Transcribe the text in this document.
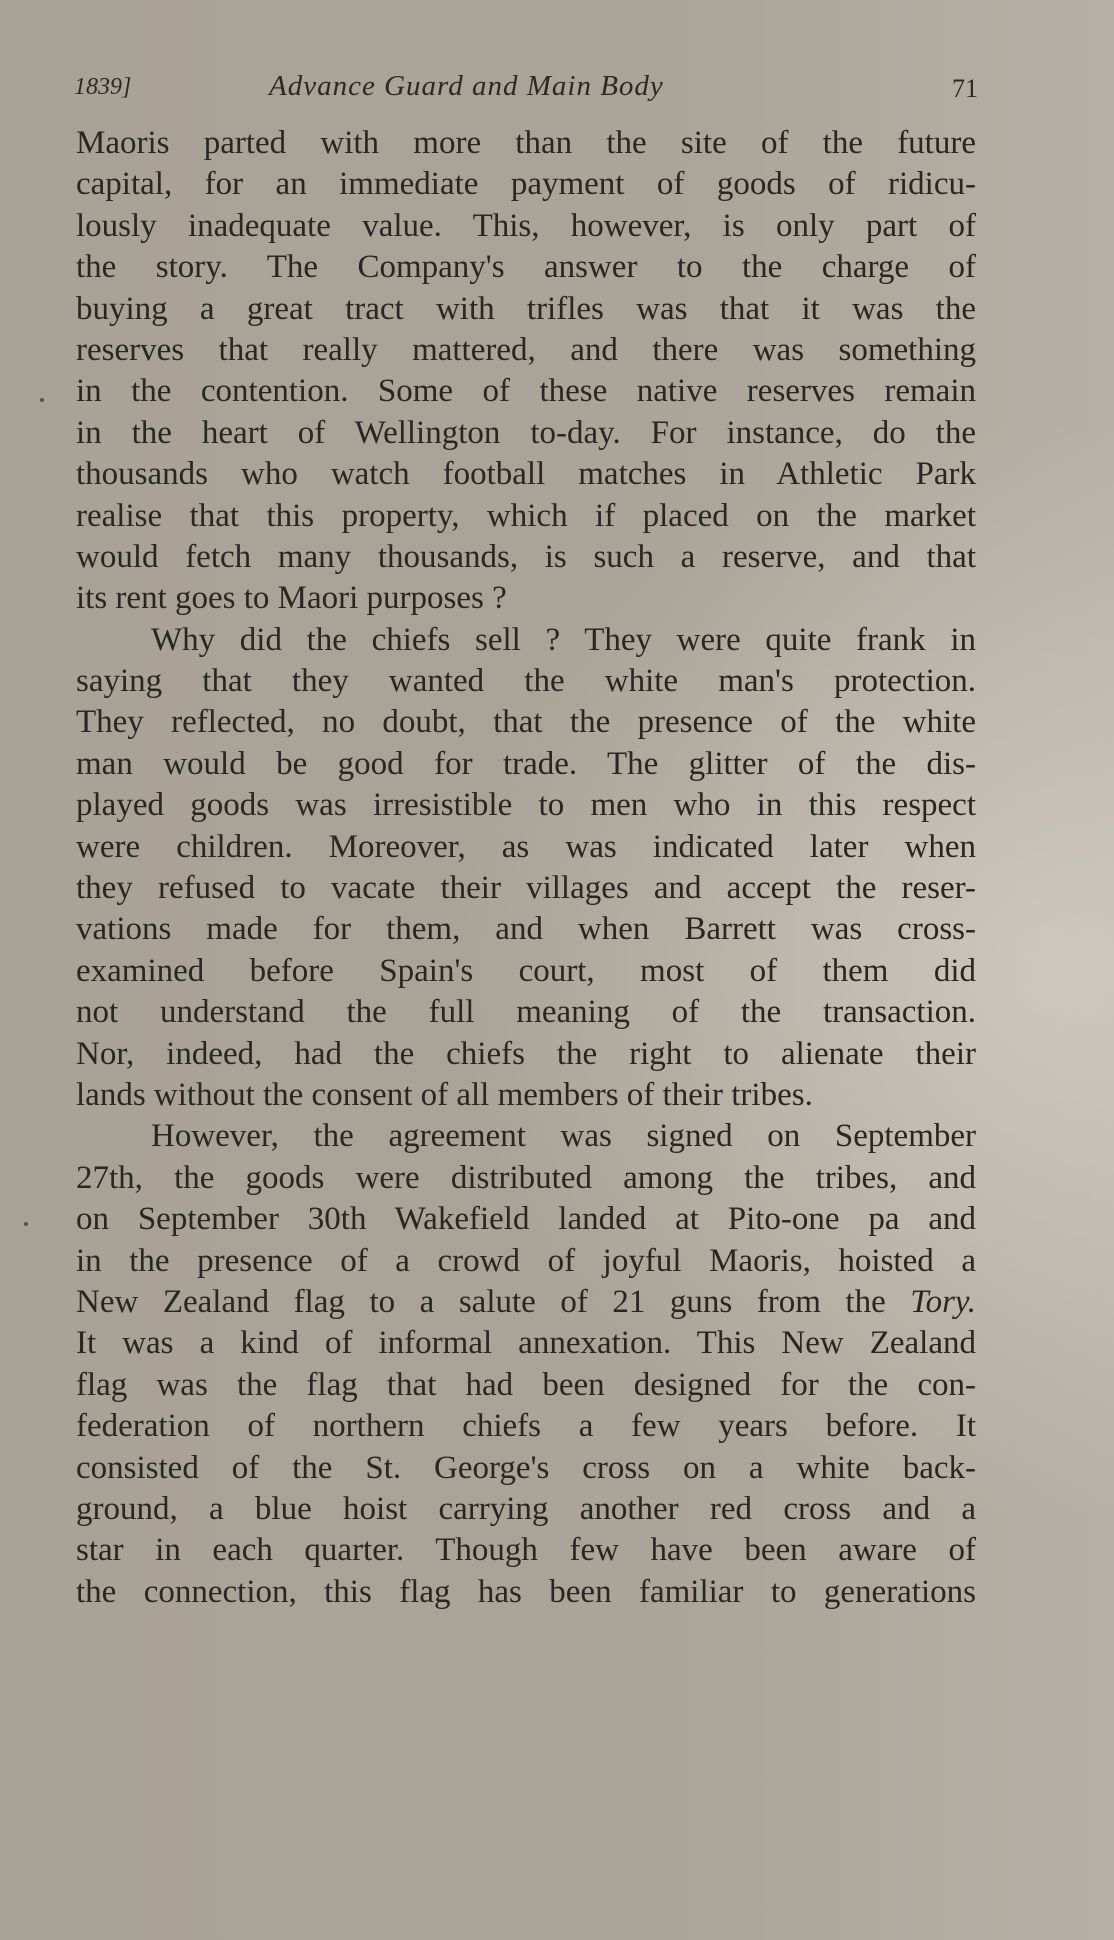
1839]	Advance Guard and Main Body	71
Maoris parted with more than the site of the future
capital, for an immediate payment of goods of ridicu-
lously inadequate value. This, however, is only part of
the story. The Company's answer to the charge of
buying a great tract with trifles was that it was the
reserves that really mattered, and there was something
in the contention. Some of these native reserves remain
in the heart of Wellington to-day. For instance, do the
thousands who watch football matches in Athletic Park
realise that this property, which if placed on the market
would fetch many thousands, is such a reserve, and that
its rent goes to Maori purposes ?
Why did the chiefs sell ? They were quite frank in
saying that they wanted the white man's protection.
They reflected, no doubt, that the presence of the white
man would be good for trade. The glitter of the dis-
played goods was irresistible to men who in this respect
were children. Moreover, as was indicated later when
they refused to vacate their villages and accept the reser-
vations made for them, and when Barrett was cross-
examined before Spain's court, most of them did
not understand the full meaning of the transaction.
Nor, indeed, had the chiefs the right to alienate their
lands without the consent of all members of their tribes.
However, the agreement was signed on September
27th, the goods were distributed among the tribes, and
on September 30th Wakefield landed at Pito-one pa and
in the presence of a crowd of joyful Maoris, hoisted a
New Zealand flag to a salute of 21 guns from the Tory.
It was a kind of informal annexation. This New Zealand
flag was the flag that had been designed for the con-
federation of northern chiefs a few years before. It
consisted of the St. George's cross on a white back-
ground, a blue hoist carrying another red cross and a
star in each quarter. Though few have been aware of
the connection, this flag has been familiar to generations
